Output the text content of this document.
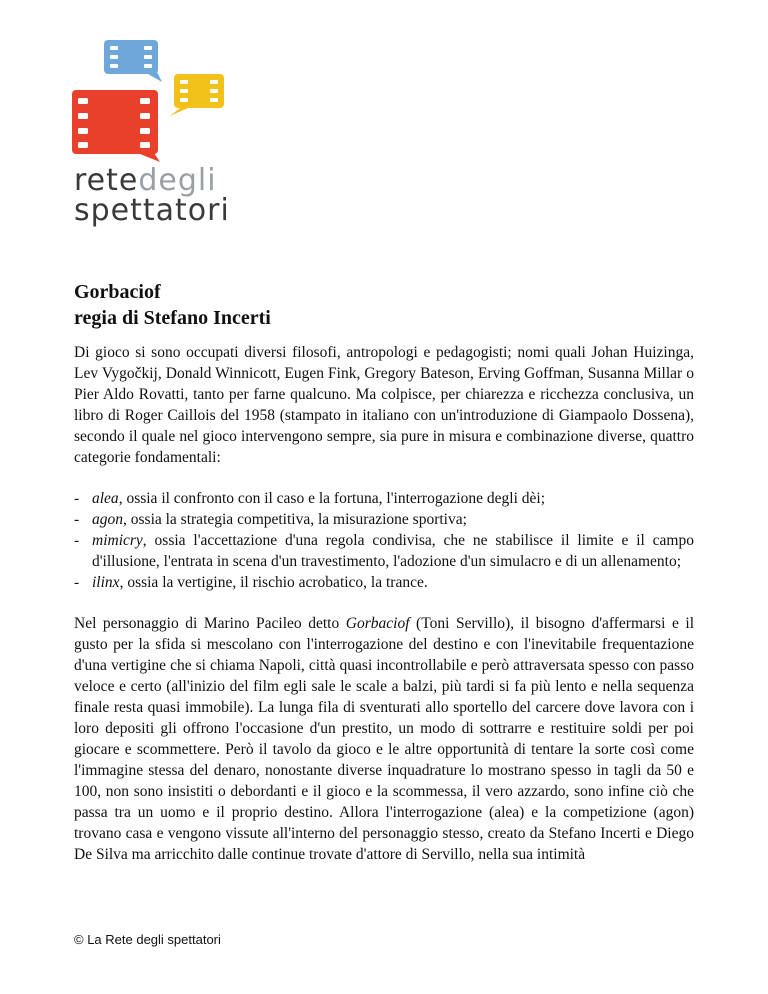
retedegli
spettatori
Gorbaciof
regia di Stefano Incerti

Di gioco si sono occupati diversi filosofi, antropologi e pedagogisti; nomi quali Johan Huizinga, Lev Vygočkij, Donald Winnicott, Eugen Fink, Gregory Bateson, Erving Goffman, Susanna Millar o Pier Aldo Rovatti, tanto per farne qualcuno. Ma colpisce, per chiarezza e ricchezza conclusiva, un libro di Roger Caillois del 1958 (stampato in italiano con un'introduzione di Giampaolo Dossena), secondo il quale nel gioco intervengono sempre, sia pure in misura e combinazione diverse, quattro categorie fondamentali:

- alea, ossia il confronto con il caso e la fortuna, l'interrogazione degli dèi;
- agon, ossia la strategia competitiva, la misurazione sportiva;
- mimicry, ossia l'accettazione d'una regola condivisa, che ne stabilisce il limite e il campo d'illusione, l'entrata in scena d'un travestimento, l'adozione d'un simulacro e di un allenamento;
- ilinx, ossia la vertigine, il rischio acrobatico, la trance.

Nel personaggio di Marino Pacileo detto Gorbaciof (Toni Servillo), il bisogno d'affermarsi e il gusto per la sfida si mescolano con l'interrogazione del destino e con l'inevitabile frequentazione d'una vertigine che si chiama Napoli, città quasi incontrollabile e però attraversata spesso con passo veloce e certo (all'inizio del film egli sale le scale a balzi, più tardi si fa più lento e nella sequenza finale resta quasi immobile). La lunga fila di sventurati allo sportello del carcere dove lavora con i loro depositi gli offrono l'occasione d'un prestito, un modo di sottrarre e restituire soldi per poi giocare e scommettere. Però il tavolo da gioco e le altre opportunità di tentare la sorte così come l'immagine stessa del denaro, nonostante diverse inquadrature lo mostrano spesso in tagli da 50 e 100, non sono insistiti o debordanti e il gioco e la scommessa, il vero azzardo, sono infine ciò che passa tra un uomo e il proprio destino. Allora l'interrogazione (alea) e la competizione (agon) trovano casa e vengono vissute all'interno del personaggio stesso, creato da Stefano Incerti e Diego De Silva ma arricchito dalle continue trovate d'attore di Servillo, nella sua intimità

© La Rete degli spettatori
